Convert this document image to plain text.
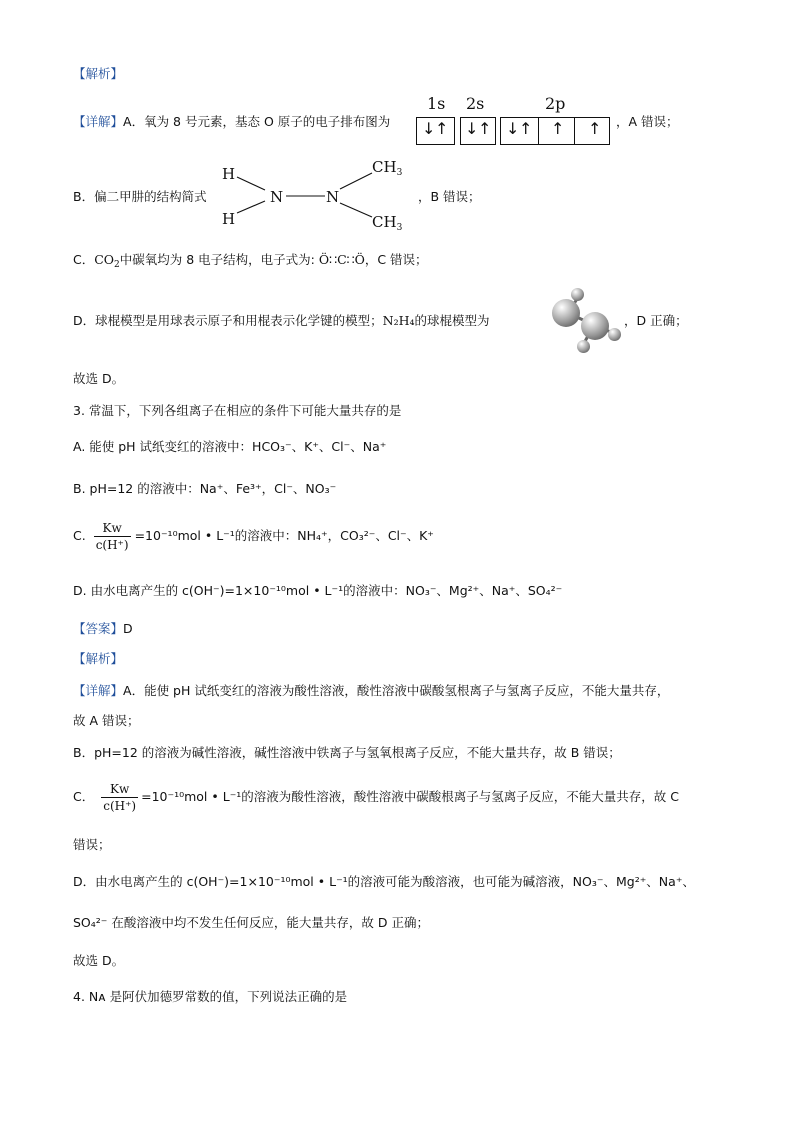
【解析】
【详解】A．氧为 8 号元素，基态 O 原子的电子排布图为
1s 2s	2p
↓ ↑ ↓ ↑ ↓ ↑ ↑ ↑ ，A 错误；
B．偏二甲肼的结构简式
H
H
N	N
$CH_3$
$CH_3$
，B 错误；
C．$CO_2$中碳氧均为 8 电子结构，电子式为: Ö∷C∷Ö，C 错误；
D．球棍模型是用球表示原子和用棍表示化学键的模型；N₂H₄的球棍模型为	，D 正确；
故选 D。
3. 常温下，下列各组离子在相应的条件下可能大量共存的是
A. 能使 pH 试纸变红的溶液中：HCO₃⁻、K⁺、Cl⁻、Na⁺
B. pH=12 的溶液中：Na⁺、Fe³⁺，Cl⁻、NO₃⁻
C. $\frac{Kw}{c(H^+)} =10^{-10}mol$ • L⁻¹的溶液中：NH₄⁺，CO₃²⁻、Cl⁻、K⁺
D. 由水电离产生的 c(OH⁻)=1×10⁻¹⁰mol • L⁻¹的溶液中：NO₃⁻、Mg²⁺、Na⁺、SO₄²⁻
【答案】D
【解析】
【详解】A．能使 pH 试纸变红的溶液为酸性溶液，酸性溶液中碳酸氢根离子与氢离子反应，不能大量共存，
故 A 错误；
B．pH=12 的溶液为碱性溶液，碱性溶液中铁离子与氢氧根离子反应，不能大量共存，故 B 错误；
C． $\frac{Kw}{c(H^+)} =10^{-10}mol$ • L⁻¹的溶液为酸性溶液，酸性溶液中碳酸根离子与氢离子反应，不能大量共存，故 C
错误；
D．由水电离产生的 c(OH⁻)=1×10⁻¹⁰mol • L⁻¹的溶液可能为酸溶液，也可能为碱溶液，NO₃⁻、Mg²⁺、Na⁺、
SO₄²⁻ 在酸溶液中均不发生任何反应，能大量共存，故 D 正确；
故选 D。
4. Nᴀ 是阿伏加德罗常数的值，下列说法正确的是
